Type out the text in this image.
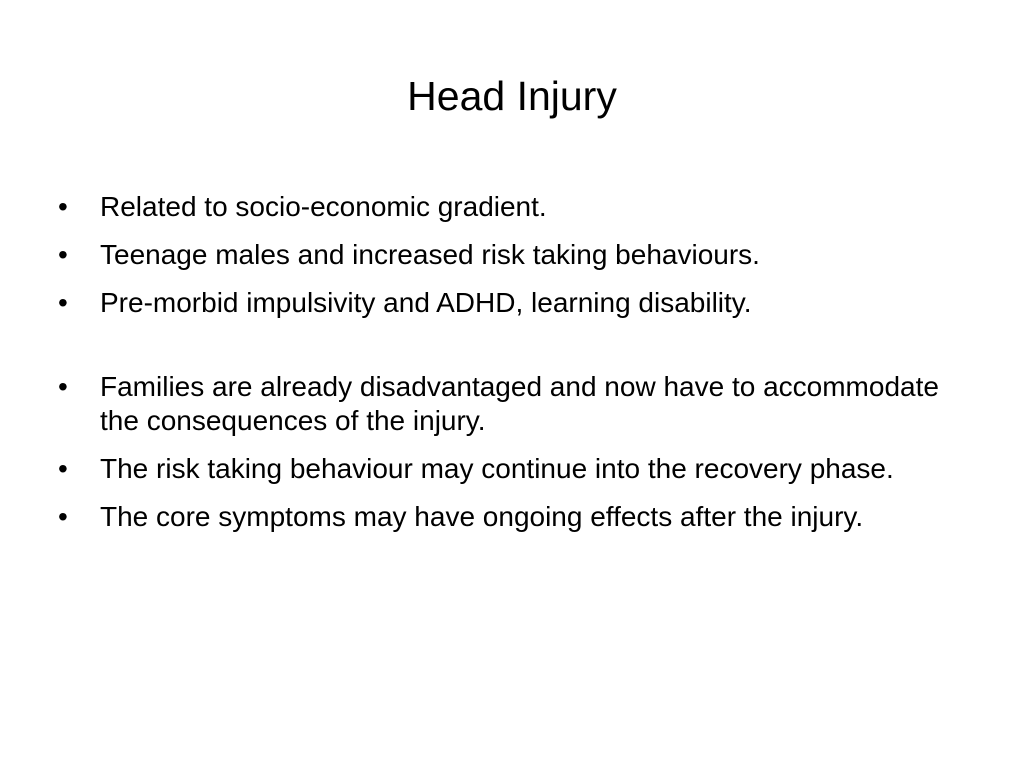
Head Injury
• Related to socio-economic gradient.
• Teenage males and increased risk taking behaviours.
• Pre-morbid impulsivity and ADHD, learning disability.
• Families are already disadvantaged and now have to accommodate the consequences of the injury.
• The risk taking behaviour may continue into the recovery phase.
• The core symptoms may have ongoing effects after the injury.
